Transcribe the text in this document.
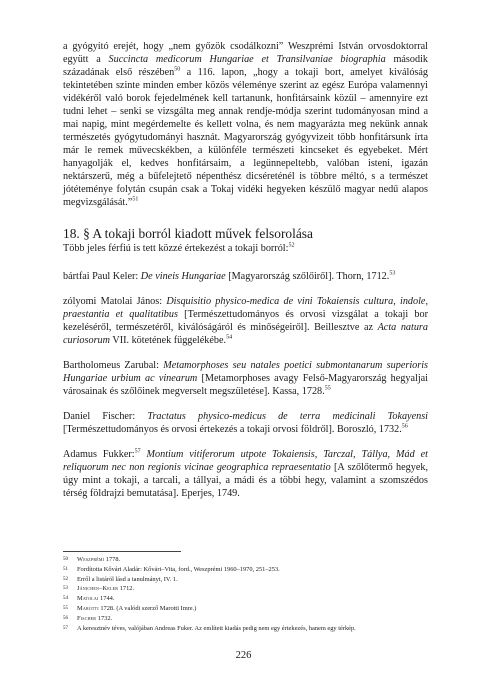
a gyógyító erejét, hogy „nem győzök csodálkozni” Weszprémi István orvosdoktorral együtt a Succincta medicorum Hungariae et Transilvaniae biographia második századának első részében$^{50}$ a 116. lapon, „hogy a tokaji bort, amelyet kiválóság tekintetében szinte minden ember közös véleménye szerint az egész Európa valamennyi vidékéről való borok fejedelmének kell tartanunk, honfitársaink közül – amennyire ezt tudni lehet – senki se vizsgálta meg annak rendje-módja szerint tudományosan mind a mai napig, mint megérdemelte és kellett volna, és nem magyarázta meg nekünk annak természetés gyógytudományi hasznát. Magyarország gyógyvizeit több honfitársunk írta már le remek művecskékben, a különféle természeti kincseket és egyebeket. Mért hanyagolják el, kedves honfitársaim, a legünnepeltebb, valóban isteni, igazán nektárszerű, még a bűfelejtető népenthész dicséreténél is többre méltó, s a természet jótéteménye folytán csupán csak a Tokaj vidéki hegyeken készülő magyar nedű alapos megvizsgálását.”$^{51}$

18. § A tokaji borról kiadott művek felsorolása

Több jeles férfiú is tett közzé értekezést a tokaji borról:$^{52}$

bártfai Paul Keler: De vineis Hungariae [Magyarország szőlőiről]. Thorn, 1712.53

zólyomi Matolai János: Disquisitio physico-medica de vini Tokaiensis cultura, indole, praestantia et qualitatibus [Természettudományos és orvosi vizsgálat a tokaji bor kezeléséről, természetéről, kiválóságáról és minőségeiről]. Beillesztve az Acta natura curiosorum VII. kötetének függelékébe.$^{54}$

Bartholomeus Zarubal: Metamorphoses seu natales poetici submontanarum superioris Hungariae urbium ac vinearum [Metamorphoses avagy Felső-Magyarország hegyaljai városainak és szőlőinek megverselt megszületése]. Kassa, 1728.55

Daniel Fischer: Tractatus physico-medicus de terra medicinali Tokayensi [Természettudományos és orvosi értekezés a tokaji orvosi földről]. Boroszló, 1732.56

Adamus Fukker:$^{57}$ Montium vitiferorum utpote Tokaiensis, Tarczal, Tállya, Mád et reliquorum nec non regionis vicinae geographica repraesentatio [A szőlőtermő hegyek, úgy mint a tokaji, a tarcali, a tállyai, a mádi és a többi hegy, valamint a szomszédos térség földrajzi bemutatása]. Eperjes, 1749.

50	Weszprémi 1778.
51	Fordította Kővári Aladár: Kővári–Vita, ford., Weszprémi 1960–1970, 251–253.
52	Erről a listáról lásd a tanulmányt, IV. 1.
53	Jánichen–Keler 1712.
54	Matolai 1744.
55	Marotti 1728. (A valódi szerző Marotti Imre.)
56	Fischer 1732.
57	A keresztnév téves, valójában Andreas Fuker. Az említett kiadás pedig nem egy értekezés, hanem egy térkép.
226
